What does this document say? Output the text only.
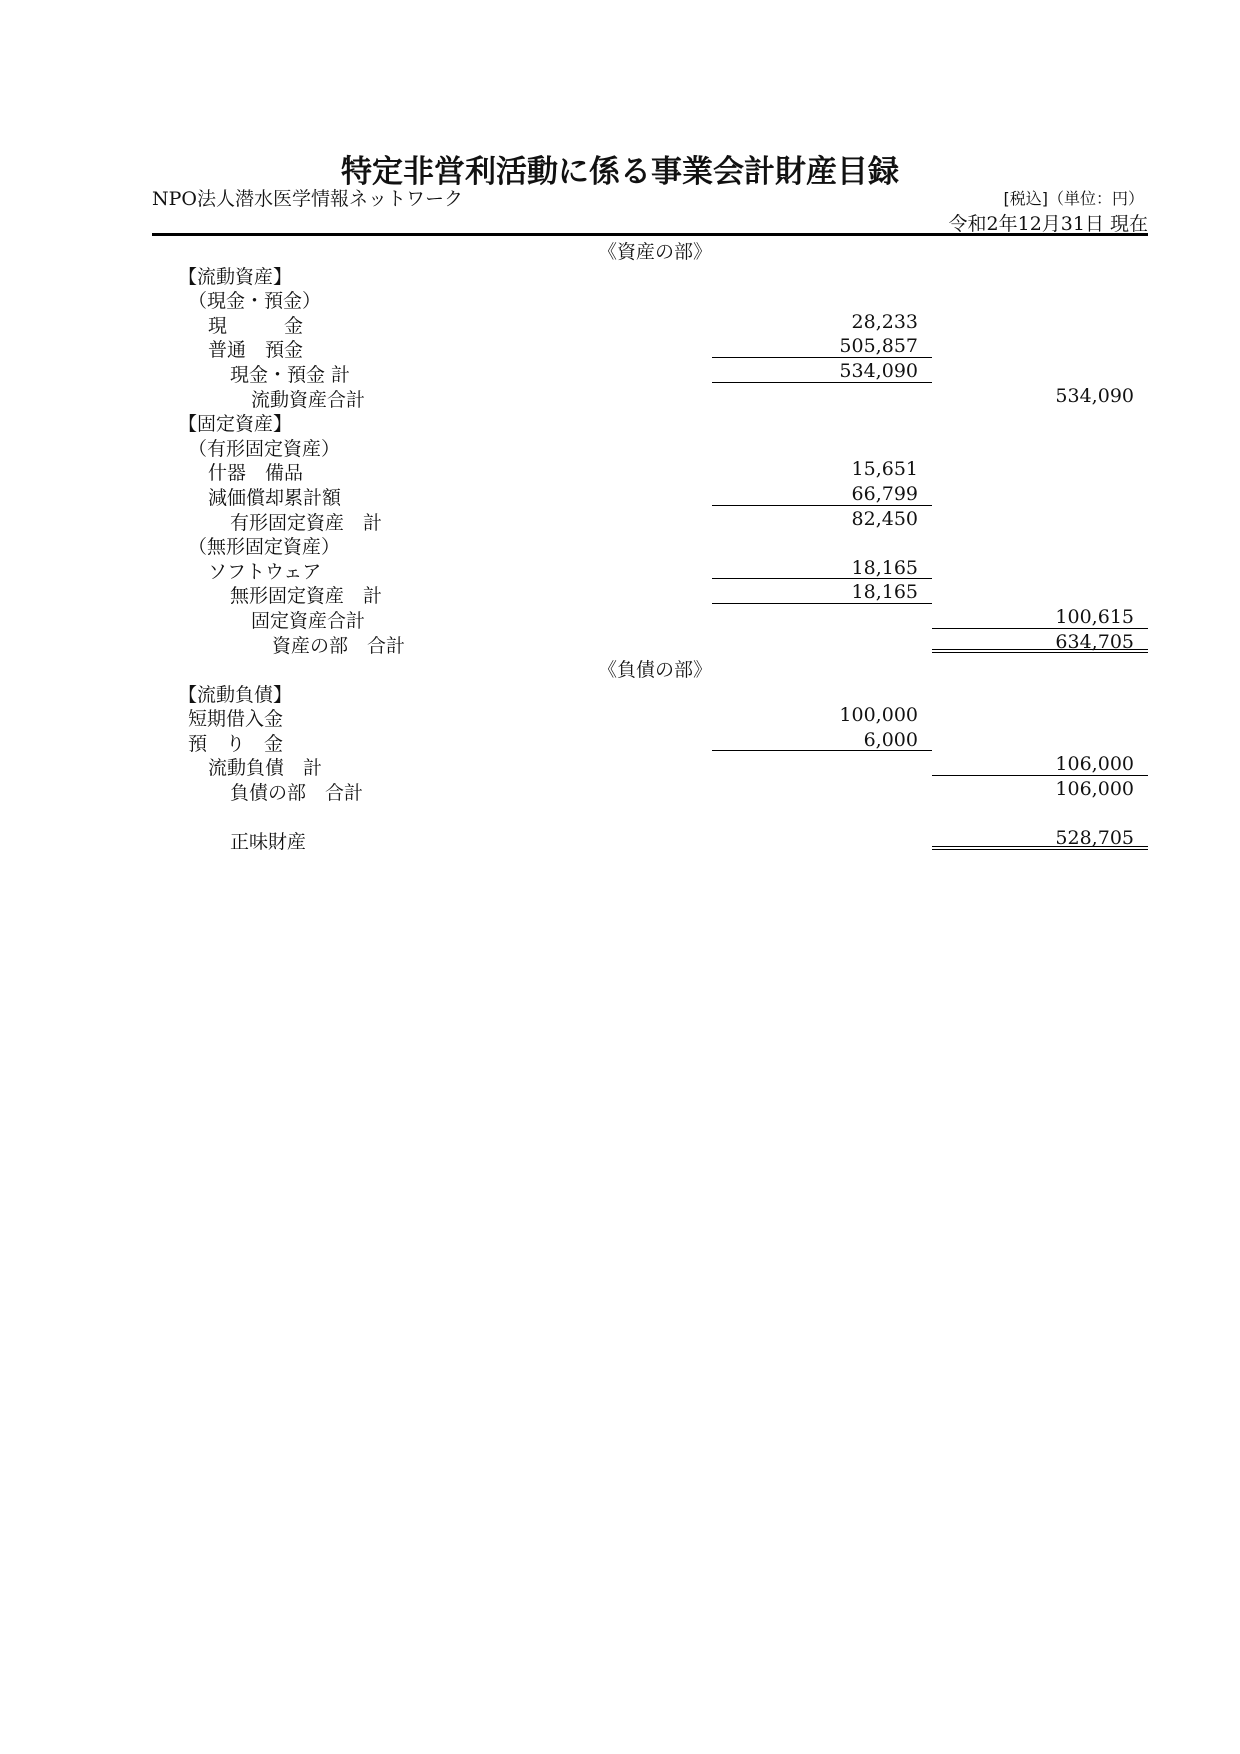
特定非営利活動に係る事業会計財産目録
NPO法人潜水医学情報ネットワーク	[税込]（単位：円）
令和2年12月31日 現在
《資産の部》
【流動資産】
（現金・預金）
現　　　金	28,233
普通　預金	505,857
現金・預金 計	534,090
流動資産合計	534,090
【固定資産】
（有形固定資産）
什器　備品	15,651
減価償却累計額	66,799
有形固定資産　計	82,450
（無形固定資産）
ソフトウェア	18,165
無形固定資産　計	18,165
固定資産合計	100,615
資産の部　合計	634,705
《負債の部》
【流動負債】
短期借入金	100,000
預　り　金	6,000
流動負債　計	106,000
負債の部　合計	106,000
正味財産	528,705
